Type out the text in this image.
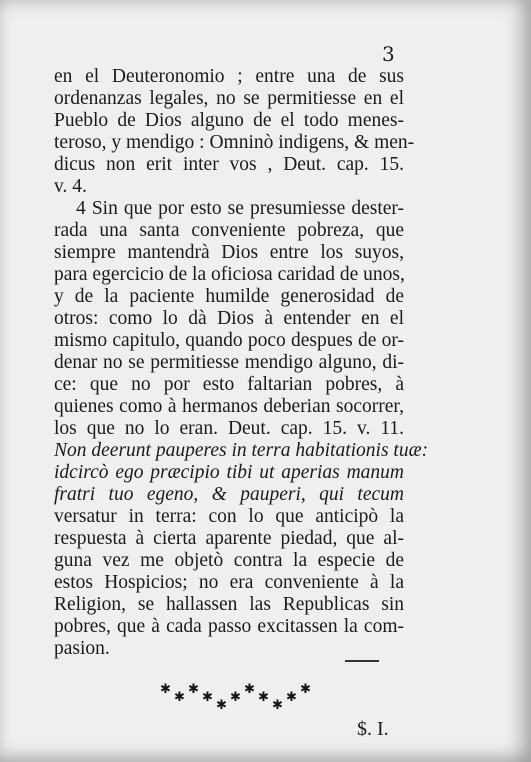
3
en el Deuteronomio ; entre una de sus
ordenanzas legales, no se permitiesse en el
Pueblo de Dios alguno de el todo menes-
teroso, y mendigo : Omninò indigens, & men-
dicus non erit inter vos , Deut. cap. 15.
v. 4.
4 Sin que por esto se presumiesse dester-
rada una santa conveniente pobreza, que
siempre mantendrà Dios entre los suyos,
para egercicio de la oficiosa caridad de unos,
y de la paciente humilde generosidad de
otros: como lo dà Dios à entender en el
mismo capitulo, quando poco despues de or-
denar no se permitiesse mendigo alguno, di-
ce: que no por esto faltarian pobres, à
quienes como à hermanos deberian socorrer,
los que no lo eran. Deut. cap. 15. v. 11.
Non deerunt pauperes in terra habitationis tuæ:
idcircò ego præcipio tibi ut aperias manum
fratri tuo egeno, & pauperi, qui tecum
versatur in terra: con lo que anticipò la
respuesta à cierta aparente piedad, que al-
guna vez me objetò contra la especie de
estos Hospicios; no era conveniente à la
Religion, se hallassen las Republicas sin
pobres, que à cada passo excitassen la com-
pasion.
✱
✱
✱
✱
✱
✱
✱
✱
✱
✱
✱
$. I.
